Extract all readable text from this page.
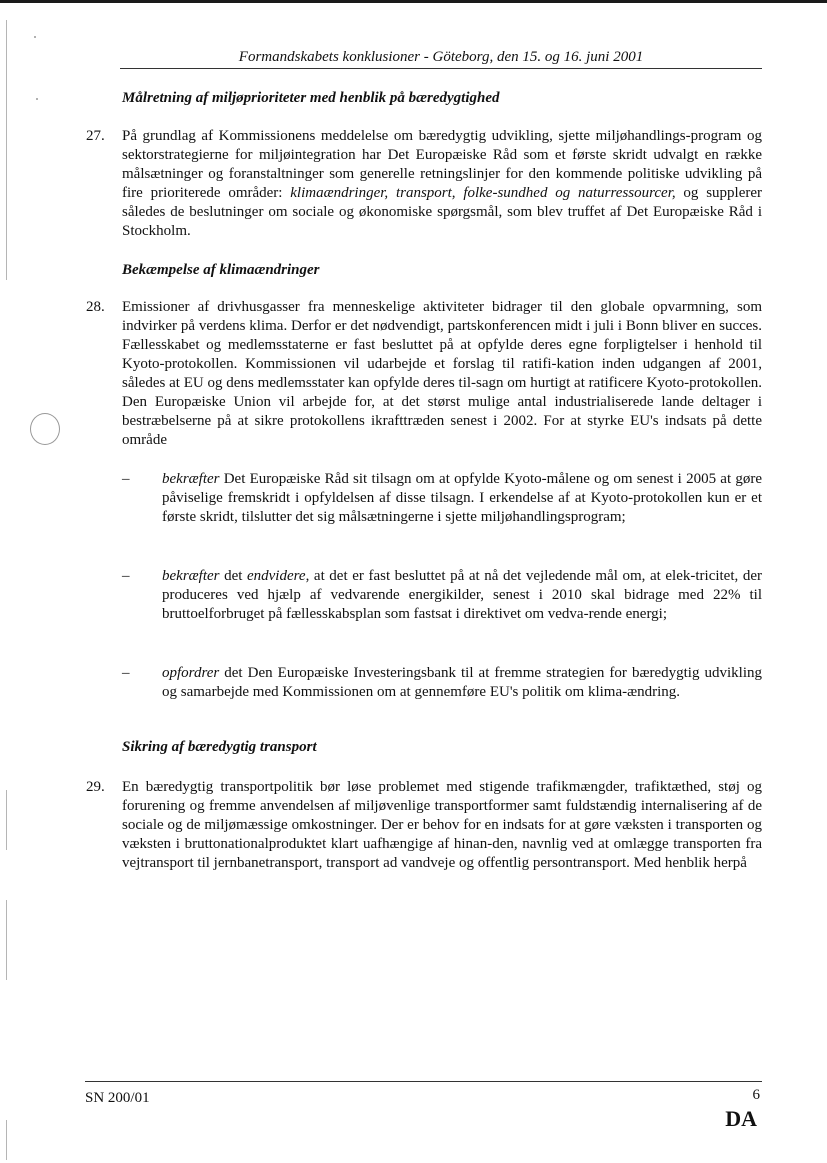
Formandskabets konklusioner - Göteborg, den 15. og 16. juni 2001
Målretning af miljøprioriteter med henblik på bæredygtighed
27. På grundlag af Kommissionens meddelelse om bæredygtig udvikling, sjette miljøhandlings-program og sektorstrategierne for miljøintegration har Det Europæiske Råd som et første skridt udvalgt en række målsætninger og foranstaltninger som generelle retningslinjer for den kommende politiske udvikling på fire prioriterede områder: klimaændringer, transport, folke-sundhed og naturressourcer, og supplerer således de beslutninger om sociale og økonomiske spørgsmål, som blev truffet af Det Europæiske Råd i Stockholm.
Bekæmpelse af klimaændringer
28. Emissioner af drivhusgasser fra menneskelige aktiviteter bidrager til den globale opvarmning, som indvirker på verdens klima. Derfor er det nødvendigt, partskonferencen midt i juli i Bonn bliver en succes. Fællesskabet og medlemsstaterne er fast besluttet på at opfylde deres egne forpligtelser i henhold til Kyoto-protokollen. Kommissionen vil udarbejde et forslag til ratifi-kation inden udgangen af 2001, således at EU og dens medlemsstater kan opfylde deres til-sagn om hurtigt at ratificere Kyoto-protokollen. Den Europæiske Union vil arbejde for, at det størst mulige antal industrialiserede lande deltager i bestræbelserne på at sikre protokollens ikrafttræden senest i 2002. For at styrke EU's indsats på dette område
– bekræfter Det Europæiske Råd sit tilsagn om at opfylde Kyoto-målene og om senest i 2005 at gøre påviselige fremskridt i opfyldelsen af disse tilsagn. I erkendelse af at Kyoto-protokollen kun er et første skridt, tilslutter det sig målsætningerne i sjette miljøhandlingsprogram;
– bekræfter det endvidere, at det er fast besluttet på at nå det vejledende mål om, at elek-tricitet, der produceres ved hjælp af vedvarende energikilder, senest i 2010 skal bidrage med 22% til bruttoelforbruget på fællesskabsplan som fastsat i direktivet om vedva-rende energi;
– opfordrer det Den Europæiske Investeringsbank til at fremme strategien for bæredygtig udvikling og samarbejde med Kommissionen om at gennemføre EU's politik om klima-ændring.
Sikring af bæredygtig transport
29. En bæredygtig transportpolitik bør løse problemet med stigende trafikmængder, trafiktæthed, støj og forurening og fremme anvendelsen af miljøvenlige transportformer samt fuldstændig internalisering af de sociale og de miljømæssige omkostninger. Der er behov for en indsats for at gøre væksten i transporten og væksten i bruttonationalproduktet klart uafhængige af hinan-den, navnlig ved at omlægge transporten fra vejtransport til jernbanetransport, transport ad vandveje og offentlig persontransport. Med henblik herpå
SN 200/01	6
DA
